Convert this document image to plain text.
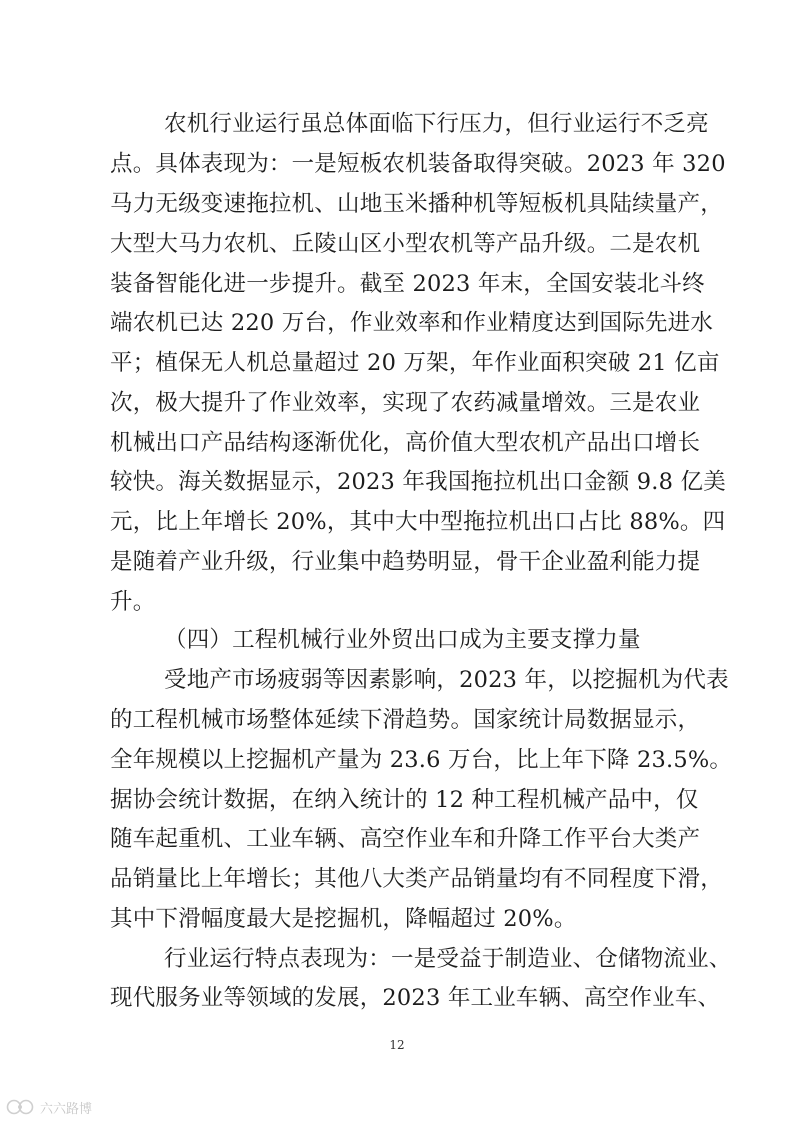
农机行业运行虽总体面临下行压力，但行业运行不乏亮
点。具体表现为：一是短板农机装备取得突破。2023 年 320
马力无级变速拖拉机、山地玉米播种机等短板机具陆续量产，
大型大马力农机、丘陵山区小型农机等产品升级。二是农机
装备智能化进一步提升。截至 2023 年末，全国安装北斗终
端农机已达 220 万台，作业效率和作业精度达到国际先进水
平；植保无人机总量超过 20 万架，年作业面积突破 21 亿亩
次，极大提升了作业效率，实现了农药减量增效。三是农业
机械出口产品结构逐渐优化，高价值大型农机产品出口增长
较快。海关数据显示，2023 年我国拖拉机出口金额 9.8 亿美
元，比上年增长 20%，其中大中型拖拉机出口占比 88%。四
是随着产业升级，行业集中趋势明显，骨干企业盈利能力提
升。
（四）工程机械行业外贸出口成为主要支撑力量
受地产市场疲弱等因素影响，2023 年，以挖掘机为代表
的工程机械市场整体延续下滑趋势。国家统计局数据显示，
全年规模以上挖掘机产量为 23.6 万台，比上年下降 23.5%。
据协会统计数据，在纳入统计的 12 种工程机械产品中，仅
随车起重机、工业车辆、高空作业车和升降工作平台大类产
品销量比上年增长；其他八大类产品销量均有不同程度下滑，
其中下滑幅度最大是挖掘机，降幅超过 20%。
行业运行特点表现为：一是受益于制造业、仓储物流业、
现代服务业等领域的发展，2023 年工业车辆、高空作业车、
12
六六路博
